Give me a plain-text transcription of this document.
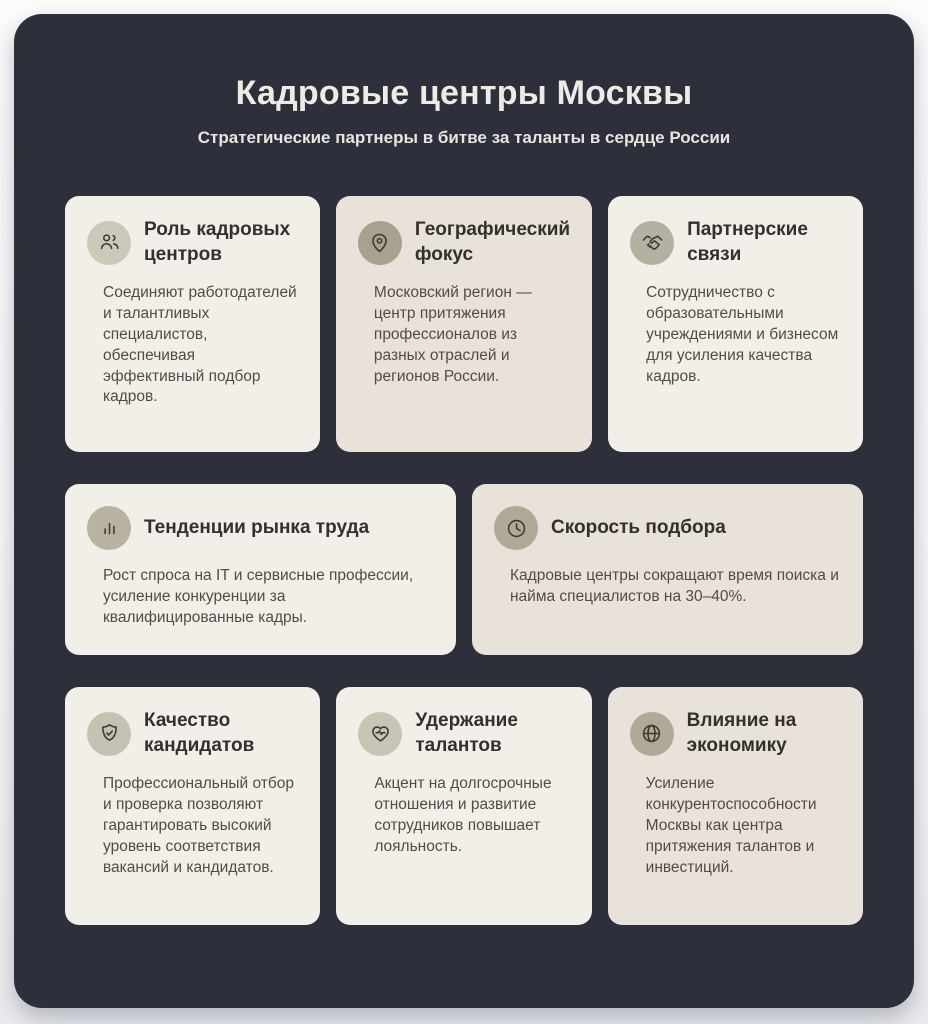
Кадровые центры Москвы
Стратегические партнеры в битве за таланты в сердце России
Роль кадровых центров

Соединяют работодателей и талантливых специалистов, обеспечивая эффективный подбор кадров.

Географический фокус

Московский регион — центр притяжения профессионалов из разных отраслей и регионов России.

Партнерские связи

Сотрудничество с образовательными учреждениями и бизнесом для усиления качества кадров.

Тенденции рынка труда

Рост спроса на IT и сервисные профессии, усиление конкуренции за квалифицированные кадры.

Скорость подбора

Кадровые центры сокращают время поиска и найма специалистов на 30–40%.

Качество кандидатов

Профессиональный отбор и проверка позволяют гарантировать высокий уровень соответствия вакансий и кандидатов.

Удержание талантов

Акцент на долгосрочные отношения и развитие сотрудников повышает лояльность.

Влияние на экономику

Усиление конкурентоспособности Москвы как центра притяжения талантов и инвестиций.
